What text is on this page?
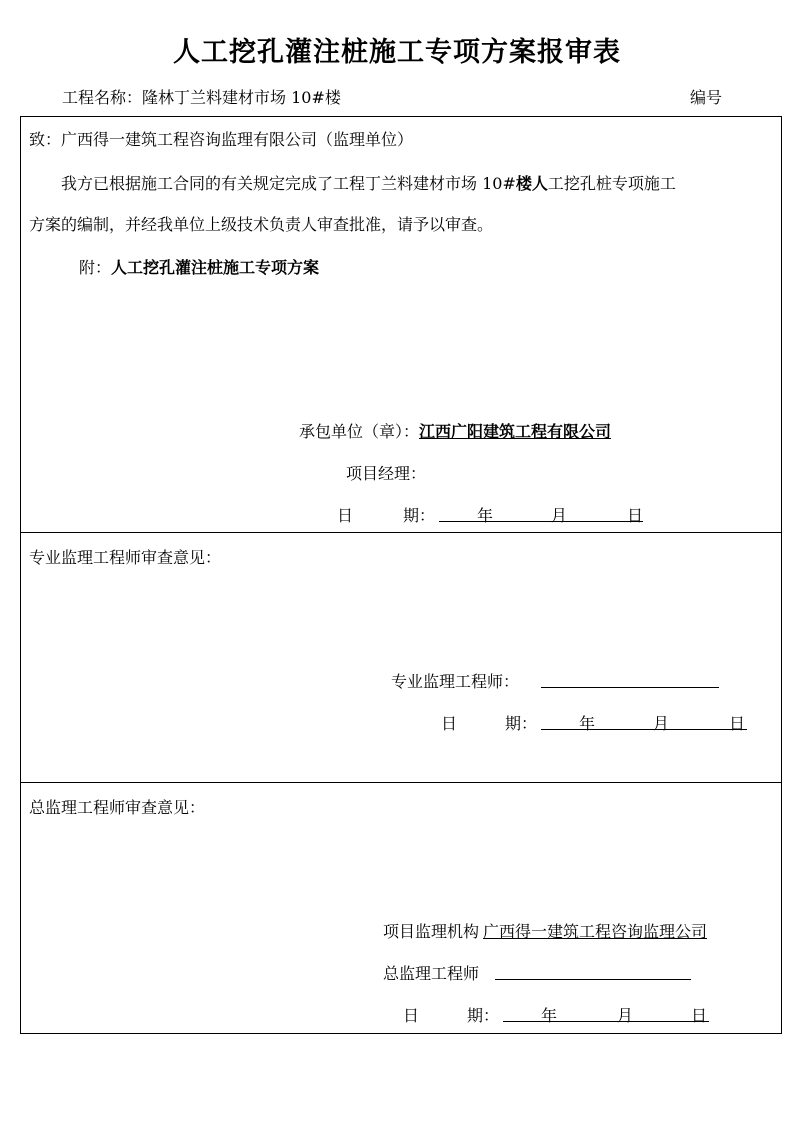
人工挖孔灌注桩施工专项方案报审表
工程名称：隆林丁兰料建材市场 10#楼	编号
致：广西得一建筑工程咨询监理有限公司（监理单位）
我方已根据施工合同的有关规定完成了工程丁兰料建材市场 10#楼人工挖孔桩专项施工
方案的编制，并经我单位上级技术负责人审查批准，请予以审查。
附：人工挖孔灌注桩施工专项方案
承包单位（章）：江西广阳建筑工程有限公司
项目经理：
日	期：	年	月	日
专业监理工程师审查意见：
专业监理工程师：
日	期：	年	月	日
总监理工程师审查意见：
项目监理机构 广西得一建筑工程咨询监理公司
总监理工程师
日	期：	年	月	日
